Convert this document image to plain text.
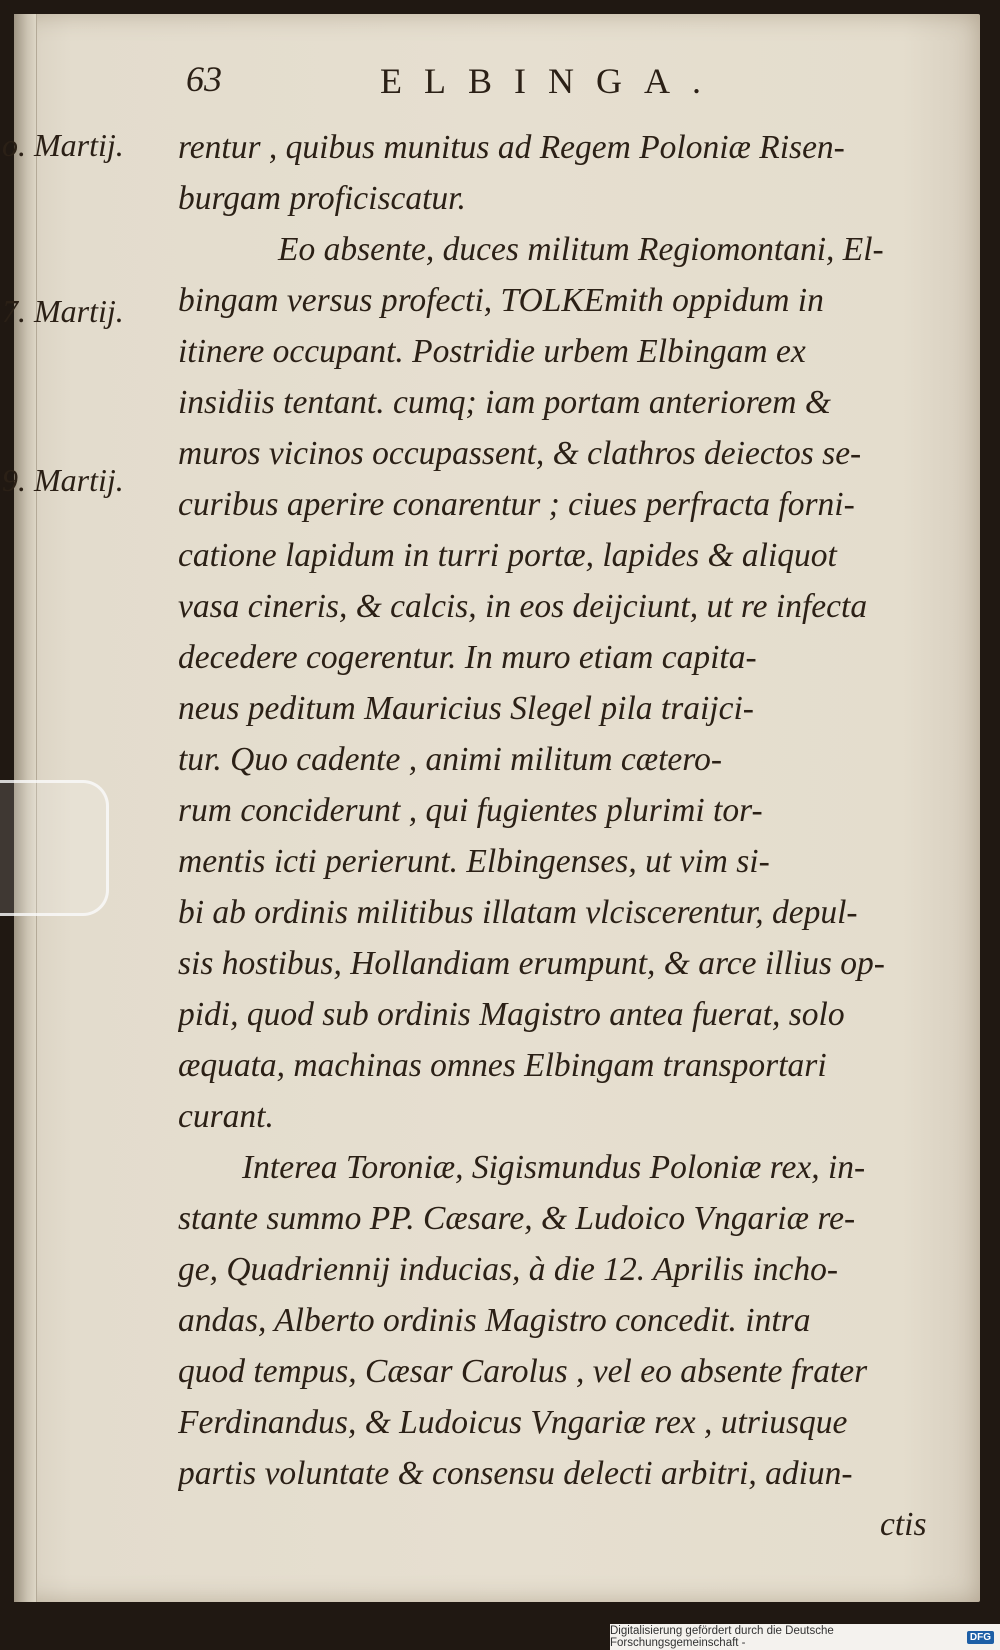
63	ELBINGA.
o. Martij.
7. Martij.
9. Martij.
rentur , quibus munitus ad Regem Poloniæ Risen-
burgam proficiscatur.
Eo absente, duces militum Regiomontani, El-
bingam versus profecti, TOLKEmith oppidum in
itinere occupant. Postridie urbem Elbingam ex
insidiis tentant. cumq; iam portam anteriorem &
muros vicinos occupassent, & clathros deiectos se-
curibus aperire conarentur ; ciues perfracta forni-
catione lapidum in turri portæ, lapides & aliquot
vasa cineris, & calcis, in eos deijciunt, ut re infecta
decedere cogerentur. In muro etiam capita-
neus peditum Mauricius Slegel pila traijci-
tur. Quo cadente , animi militum cætero-
rum conciderunt , qui fugientes plurimi tor-
mentis icti perierunt. Elbingenses, ut vim si-
bi ab ordinis militibus illatam vlciscerentur, depul-
sis hostibus, Hollandiam erumpunt, & arce illius op-
pidi, quod sub ordinis Magistro antea fuerat, solo
æquata, machinas omnes Elbingam transportari
curant.
Interea Toroniæ, Sigismundus Poloniæ rex, in-
stante summo PP. Cæsare, & Ludoico Vngariæ re-
ge, Quadriennij inducias, à die 12. Aprilis incho-
andas, Alberto ordinis Magistro concedit. intra
quod tempus, Cæsar Carolus , vel eo absente frater
Ferdinandus, & Ludoicus Vngariæ rex , utriusque
partis voluntate & consensu delecti arbitri, adiun-
ctis
Digitalisierung gefördert durch die Deutsche Forschungsgemeinschaft -	DFG
